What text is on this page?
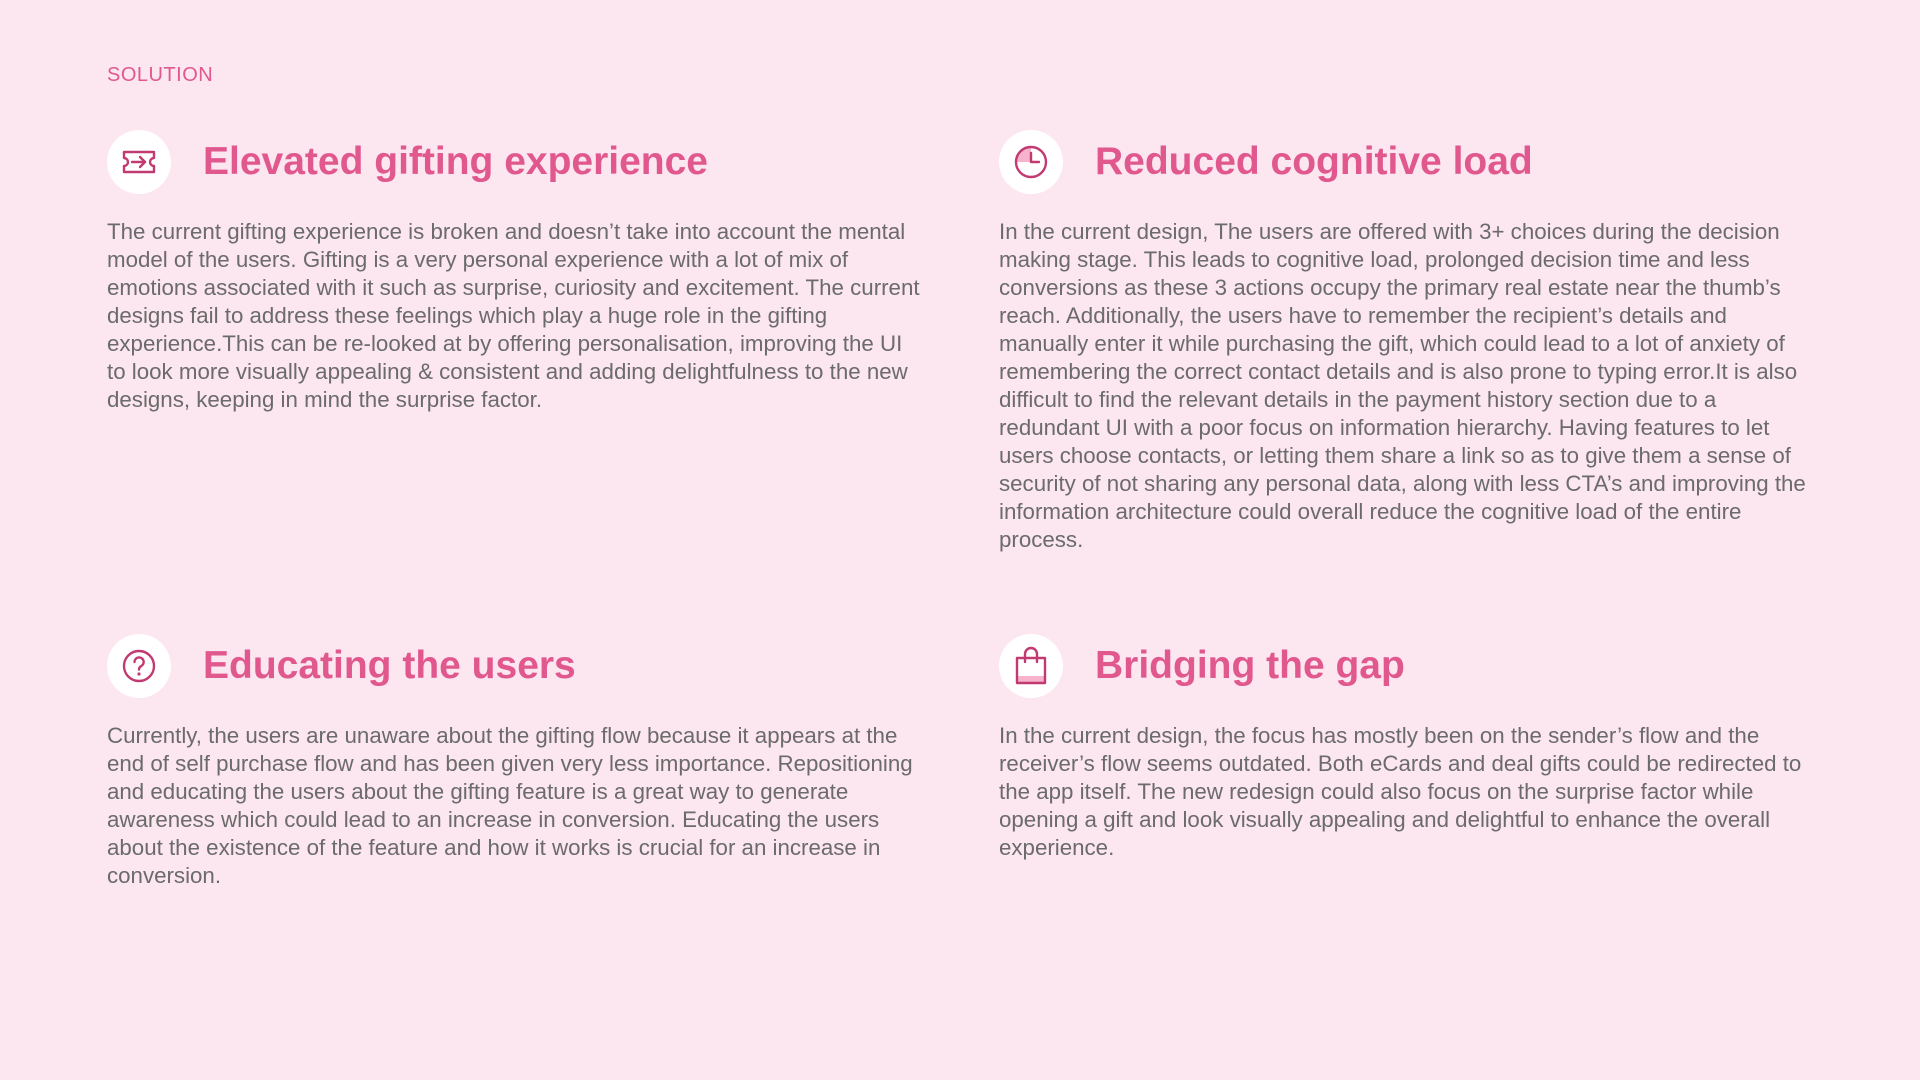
SOLUTION

Elevated gifting experience

The current gifting experience is broken and doesn’t take into account the mental model of the users. Gifting is a very personal experience with a lot of mix of emotions associated with it such as surprise, curiosity and excitement. The current designs fail to address these feelings which play a huge role in the gifting experience.This can be re-looked at by offering personalisation, improving the UI to look more visually appealing & consistent and adding delightfulness to the new designs, keeping in mind the surprise factor.

Reduced cognitive load

In the current design, The users are offered with 3+ choices during the decision making stage. This leads to cognitive load, prolonged decision time and less conversions as these 3 actions occupy the primary real estate near the thumb’s reach. Additionally, the users have to remember the recipient’s details and manually enter it while purchasing the gift, which could lead to a lot of anxiety of remembering the correct contact details and is also prone to typing error.It is also difficult to find the relevant details in the payment history section due to a redundant UI with a poor focus on information hierarchy. Having features to let users choose contacts, or letting them share a link so as to give them a sense of security of not sharing any personal data, along with less CTA’s and improving the information architecture could overall reduce the cognitive load of the entire process.

Educating the users

Currently, the users are unaware about the gifting flow because it appears at the end of self purchase flow and has been given very less importance. Repositioning and educating the users about the gifting feature is a great way to generate awareness which could lead to an increase in conversion. Educating the users about the existence of the feature and how it works is crucial for an increase in conversion.

Bridging the gap

In the current design, the focus has mostly been on the sender’s flow and the receiver’s flow seems outdated. Both eCards and deal gifts could be redirected to the app itself. The new redesign could also focus on the surprise factor while opening a gift and look visually appealing and delightful to enhance the overall experience.
